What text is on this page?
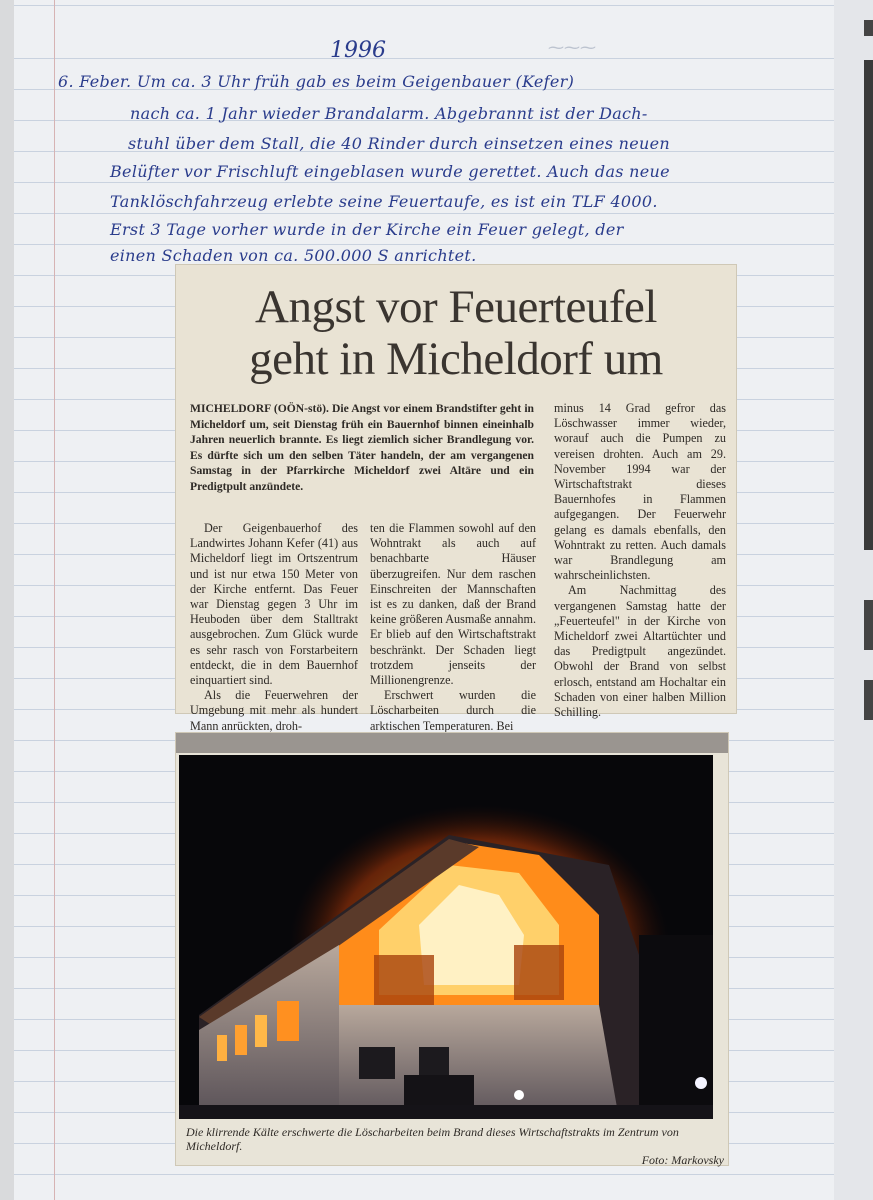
1996	⁓⁓⁓
6. Feber. Um ca. 3 Uhr früh gab es beim Geigenbauer (Kefer)
nach ca. 1 Jahr wieder Brandalarm. Abgebrannt ist der Dach-
stuhl über dem Stall, die 40 Rinder durch einsetzen eines neuen
Belüfter vor Frischluft eingeblasen wurde gerettet. Auch das neue
Tanklöschfahrzeug erlebte seine Feuertaufe, es ist ein TLF 4000.
Erst 3 Tage vorher wurde in der Kirche ein Feuer gelegt, der
einen Schaden von ca. 500.000 S anrichtet.
Angst vor Feuerteufel
geht in Micheldorf um
MICHELDORF (OÖN-stö). Die Angst vor einem Brandstifter geht in Micheldorf um, seit Dienstag früh ein Bauernhof binnen eineinhalb Jahren neuerlich brannte. Es liegt ziemlich sicher Brandlegung vor. Es dürfte sich um den selben Täter handeln, der am vergangenen Samstag in der Pfarrkirche Micheldorf zwei Altäre und ein Predigtpult anzündete.

Der Geigenbauerhof des Landwirtes Johann Kefer (41) aus Micheldorf liegt im Ortszentrum und ist nur etwa 150 Meter von der Kirche entfernt. Das Feuer war Dienstag gegen 3 Uhr im Heuboden über dem Stalltrakt ausgebrochen. Zum Glück wurde es sehr rasch von Forstarbeitern entdeckt, die in dem Bauernhof einquartiert sind.

Als die Feuerwehren der Umgebung mit mehr als hundert Mann anrückten, droh-

ten die Flammen sowohl auf den Wohntrakt als auch auf benachbarte Häuser überzugreifen. Nur dem raschen Einschreiten der Mannschaften ist es zu danken, daß der Brand keine größeren Ausmaße annahm. Er blieb auf den Wirtschaftstrakt beschränkt. Der Schaden liegt trotzdem jenseits der Millionengrenze.

Erschwert wurden die Löscharbeiten durch die arktischen Temperaturen. Bei

minus 14 Grad gefror das Löschwasser immer wieder, worauf auch die Pumpen zu vereisen drohten. Auch am 29. November 1994 war der Wirtschaftstrakt dieses Bauernhofes in Flammen aufgegangen. Der Feuerwehr gelang es damals ebenfalls, den Wohntrakt zu retten. Auch damals war Brandlegung am wahrscheinlichsten.

Am Nachmittag des vergangenen Samstag hatte der „Feuerteufel" in der Kirche von Micheldorf zwei Altartüchter und das Predigtpult angezündet. Obwohl der Brand von selbst erlosch, entstand am Hochaltar ein Schaden von einer halben Million Schilling.

Die klirrende Kälte erschwerte die Löscharbeiten beim Brand dieses Wirtschaftstrakts im Zentrum von Micheldorf.
Foto: Markovsky
